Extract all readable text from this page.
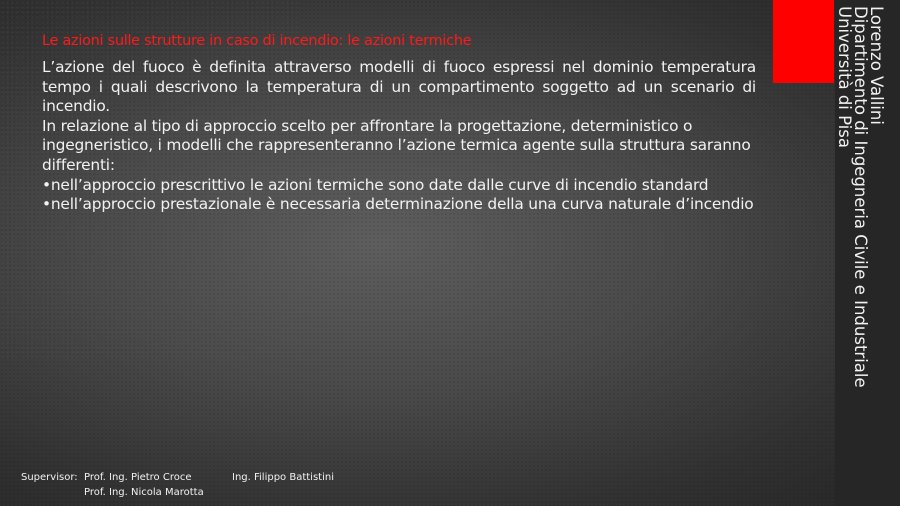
Lorenzo Vallini
Dipartimento di Ingegneria Civile e Industriale
Università di Pisa
Le azioni sulle strutture in caso di incendio: le azioni termiche

L’azione del fuoco è definita attraverso modelli di fuoco espressi nel dominio temperatura tempo i quali descrivono la temperatura di un compartimento soggetto ad un scenario di incendio.

In relazione al tipo di approccio scelto per affrontare la progettazione, deterministico o ingegneristico, i modelli che rappresenteranno l’azione termica agente sulla struttura saranno differenti:

•nell’approccio prescrittivo le azioni termiche sono date dalle curve di incendio standard

•nell’approccio prestazionale è necessaria determinazione della una curva naturale d’incendio

Supervisor: Prof. Ing. Pietro Croce
Prof. Ing. Nicola Marotta
Ing. Filippo Battistini
